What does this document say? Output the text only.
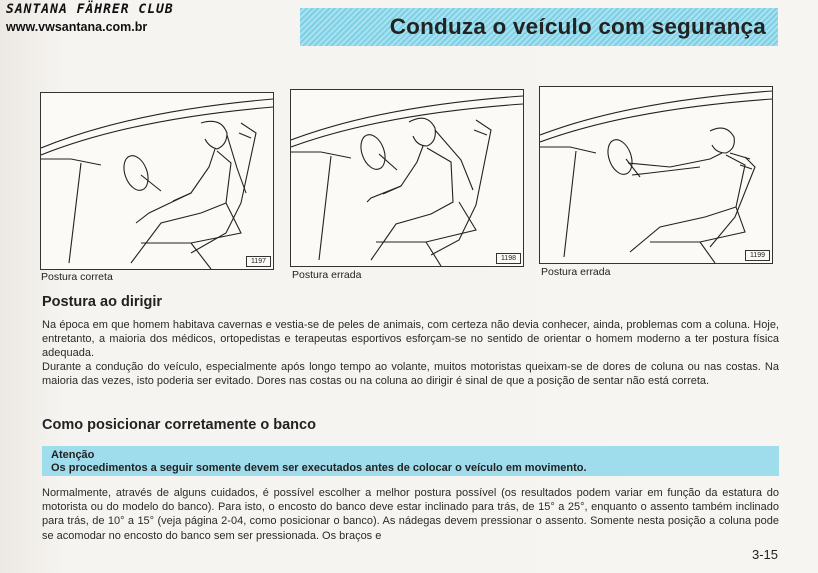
SANTANA FÄHRER CLUB
www.vwsantana.com.br	Conduza o veículo com segurança
1197
Postura correta
1198
Postura errada
1199
Postura errada
Postura ao dirigir

Na época em que homem habitava cavernas e vestia-se de peles de animais, com certeza não devia conhecer, ainda, problemas com a coluna. Hoje, entretanto, a maioria dos médicos, ortopedistas e terapeutas esportivos esforçam-se no sentido de orientar o homem moderno a ter postura física adequada.

Durante a condução do veículo, especialmente após longo tempo ao volante, muitos motoristas queixam-se de dores de coluna ou nas costas. Na maioria das vezes, isto poderia ser evitado. Dores nas costas ou na coluna ao dirigir é sinal de que a posição de sentar não está correta.

Como posicionar corretamente o banco
Atenção
Os procedimentos a seguir somente devem ser executados antes de colocar o veículo em movimento.

Normalmente, através de alguns cuidados, é possível escolher a melhor postura possível (os resultados podem variar em função da estatura do motorista ou do modelo do banco). Para isto, o encosto do banco deve estar inclinado para trás, de 15° a 25°, enquanto o assento também inclinado para trás, de 10° a 15° (veja página 2-04, como posicionar o banco). As nádegas devem pressionar o assento. Somente nesta posição a coluna pode se acomodar no encosto do banco sem ser pressionada. Os braços e

3-15
